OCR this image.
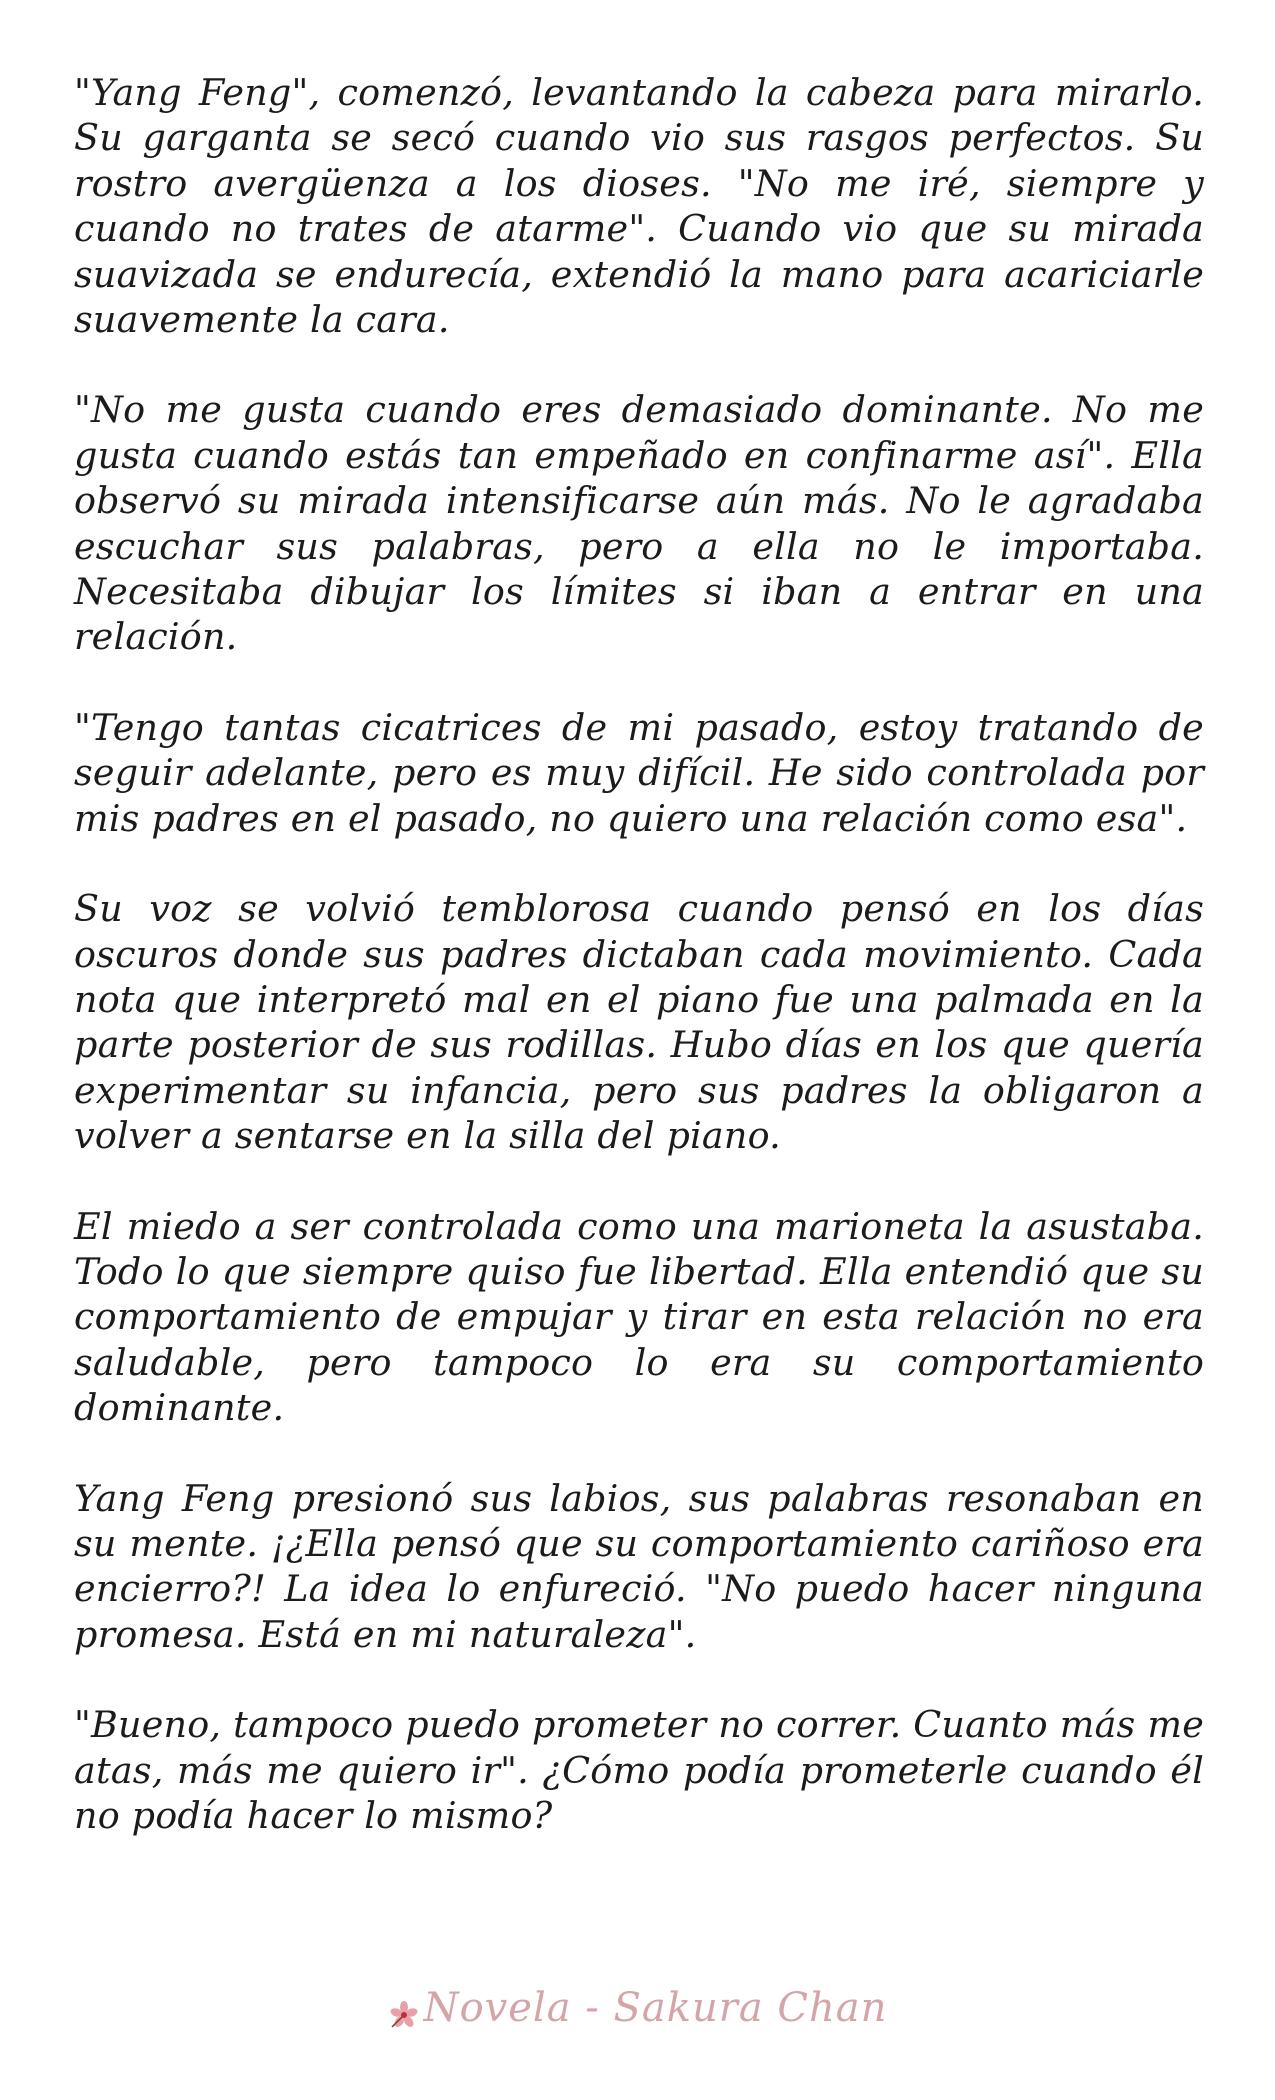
"Yang Feng", comenzó, levantando la cabeza para mirarlo. Su garganta se secó cuando vio sus rasgos perfectos. Su rostro avergüenza a los dioses. "No me iré, siempre y cuando no trates de atarme". Cuando vio que su mirada suavizada se endurecía, extendió la mano para acariciarle suavemente la cara.

"No me gusta cuando eres demasiado dominante. No me gusta cuando estás tan empeñado en confinarme así". Ella observó su mirada intensificarse aún más. No le agradaba escuchar sus palabras, pero a ella no le importaba. Necesitaba dibujar los límites si iban a entrar en una relación.

"Tengo tantas cicatrices de mi pasado, estoy tratando de seguir adelante, pero es muy difícil. He sido controlada por mis padres en el pasado, no quiero una relación como esa".

Su voz se volvió temblorosa cuando pensó en los días oscuros donde sus padres dictaban cada movimiento. Cada nota que interpretó mal en el piano fue una palmada en la parte posterior de sus rodillas. Hubo días en los que quería experimentar su infancia, pero sus padres la obligaron a volver a sentarse en la silla del piano.

El miedo a ser controlada como una marioneta la asustaba. Todo lo que siempre quiso fue libertad. Ella entendió que su comportamiento de empujar y tirar en esta relación no era saludable, pero tampoco lo era su comportamiento dominante.

Yang Feng presionó sus labios, sus palabras resonaban en su mente. ¡¿Ella pensó que su comportamiento cariñoso era encierro?! La idea lo enfureció. "No puedo hacer ninguna promesa. Está en mi naturaleza".

"Bueno, tampoco puedo prometer no correr. Cuanto más me atas, más me quiero ir". ¿Cómo podía prometerle cuando él no podía hacer lo mismo?

Novela - Sakura Chan
